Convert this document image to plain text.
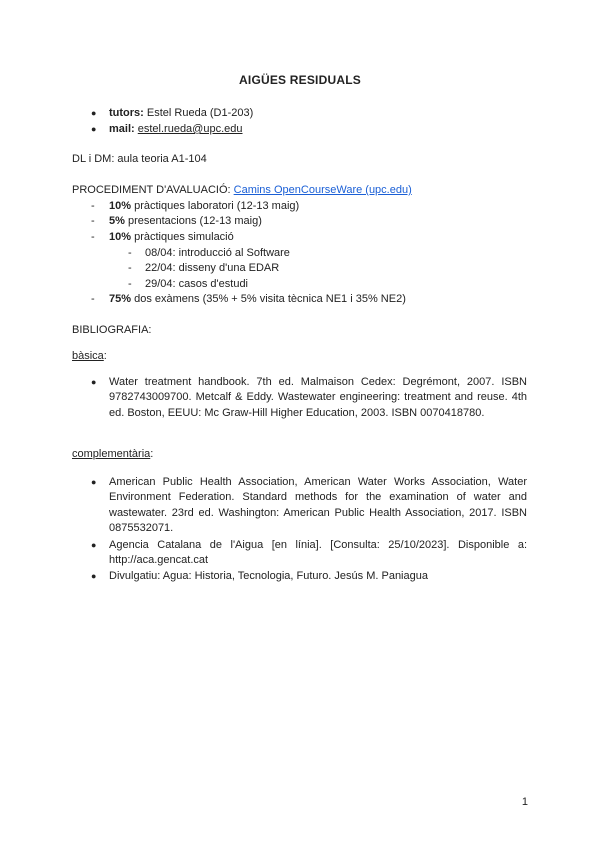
AIGÜES RESIDUALS
● tutors: Estel Rueda (D1-203)
● mail: estel.rueda@upc.edu
DL i DM: aula teoria A1-104
PROCEDIMENT D'AVALUACIÓ: Camins OpenCourseWare (upc.edu)
- 10% pràctiques laboratori (12-13 maig)
- 5% presentacions (12-13 maig)
- 10% pràctiques simulació
- 08/04: introducció al Software
- 22/04: disseny d'una EDAR
- 29/04: casos d'estudi
- 75% dos exàmens (35% + 5% visita tècnica NE1 i 35% NE2)
BIBLIOGRAFIA:
bàsica:
● Water treatment handbook. 7th ed. Malmaison Cedex: Degrémont, 2007. ISBN 9782743009700. Metcalf & Eddy. Wastewater engineering: treatment and reuse. 4th ed. Boston, EEUU: Mc Graw-Hill Higher Education, 2003. ISBN 0070418780.
complementària:
● American Public Health Association, American Water Works Association, Water Environment Federation. Standard methods for the examination of water and wastewater. 23rd ed. Washington: American Public Health Association, 2017. ISBN 0875532071.
● Agencia Catalana de l'Aigua [en línia]. [Consulta: 25/10/2023]. Disponible a: http://aca.gencat.cat
● Divulgatiu: Agua: Historia, Tecnologia, Futuro. Jesús M. Paniagua
1
